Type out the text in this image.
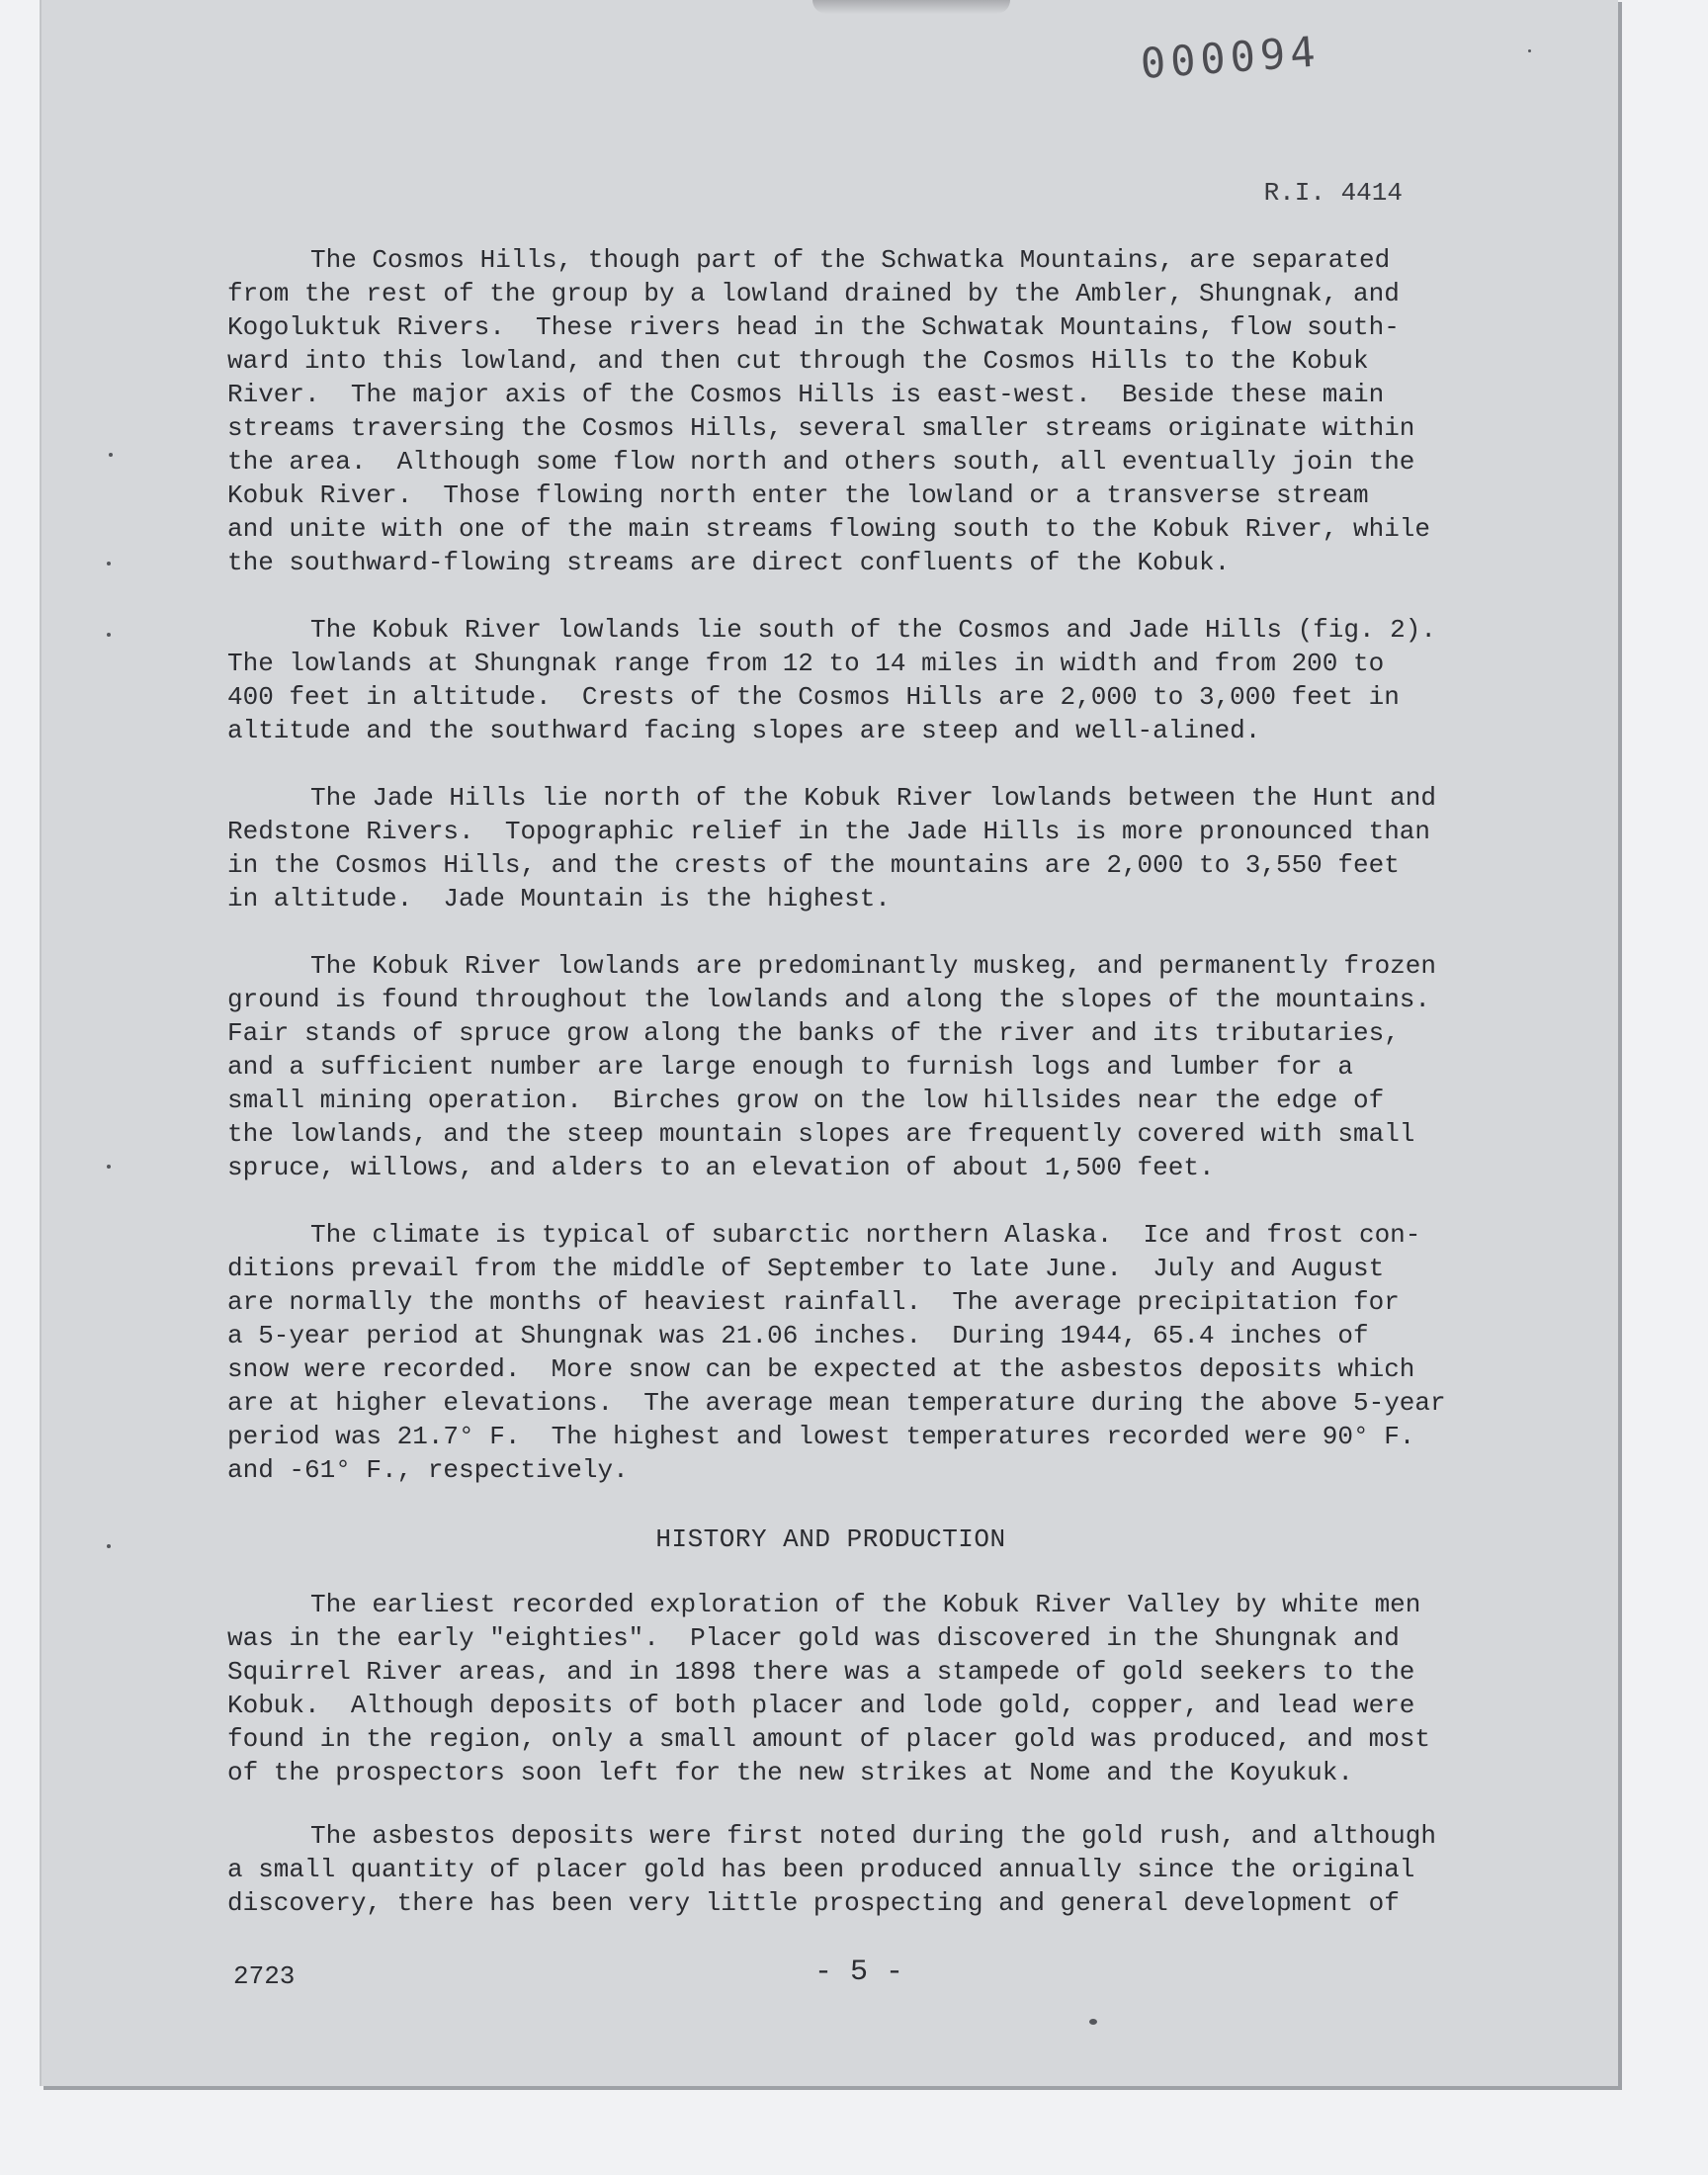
000094
R.I. 4414
The Cosmos Hills, though part of the Schwatka Mountains, are separated
from the rest of the group by a lowland drained by the Ambler, Shungnak, and
Kogoluktuk Rivers.  These rivers head in the Schwatak Mountains, flow south-
ward into this lowland, and then cut through the Cosmos Hills to the Kobuk
River.  The major axis of the Cosmos Hills is east-west.  Beside these main
streams traversing the Cosmos Hills, several smaller streams originate within
the area.  Although some flow north and others south, all eventually join the
Kobuk River.  Those flowing north enter the lowland or a transverse stream
and unite with one of the main streams flowing south to the Kobuk River, while
the southward-flowing streams are direct confluents of the Kobuk.
The Kobuk River lowlands lie south of the Cosmos and Jade Hills (fig. 2).
The lowlands at Shungnak range from 12 to 14 miles in width and from 200 to
400 feet in altitude.  Crests of the Cosmos Hills are 2,000 to 3,000 feet in
altitude and the southward facing slopes are steep and well-alined.
The Jade Hills lie north of the Kobuk River lowlands between the Hunt and
Redstone Rivers.  Topographic relief in the Jade Hills is more pronounced than
in the Cosmos Hills, and the crests of the mountains are 2,000 to 3,550 feet
in altitude.  Jade Mountain is the highest.
The Kobuk River lowlands are predominantly muskeg, and permanently frozen
ground is found throughout the lowlands and along the slopes of the mountains.
Fair stands of spruce grow along the banks of the river and its tributaries,
and a sufficient number are large enough to furnish logs and lumber for a
small mining operation.  Birches grow on the low hillsides near the edge of
the lowlands, and the steep mountain slopes are frequently covered with small
spruce, willows, and alders to an elevation of about 1,500 feet.
The climate is typical of subarctic northern Alaska.  Ice and frost con-
ditions prevail from the middle of September to late June.  July and August
are normally the months of heaviest rainfall.  The average precipitation for
a 5-year period at Shungnak was 21.06 inches.  During 1944, 65.4 inches of
snow were recorded.  More snow can be expected at the asbestos deposits which
are at higher elevations.  The average mean temperature during the above 5-year
period was 21.7° F.  The highest and lowest temperatures recorded were 90° F.
and -61° F., respectively.
HISTORY AND PRODUCTION
The earliest recorded exploration of the Kobuk River Valley by white men
was in the early "eighties".  Placer gold was discovered in the Shungnak and
Squirrel River areas, and in 1898 there was a stampede of gold seekers to the
Kobuk.  Although deposits of both placer and lode gold, copper, and lead were
found in the region, only a small amount of placer gold was produced, and most
of the prospectors soon left for the new strikes at Nome and the Koyukuk.
The asbestos deposits were first noted during the gold rush, and although
a small quantity of placer gold has been produced annually since the original
discovery, there has been very little prospecting and general development of
2723	- 5 -
